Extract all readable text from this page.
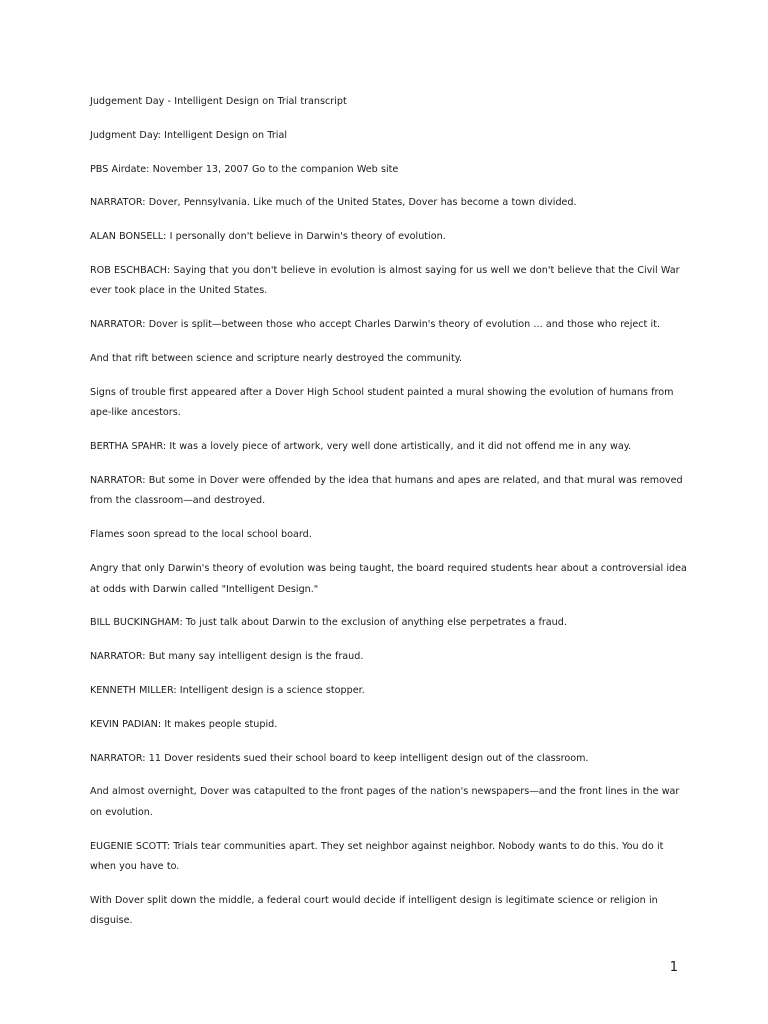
Judgement Day - Intelligent Design on Trial transcript

Judgment Day: Intelligent Design on Trial

PBS Airdate: November 13, 2007 Go to the companion Web site

NARRATOR: Dover, Pennsylvania. Like much of the United States, Dover has become a town divided.

ALAN BONSELL: I personally don't believe in Darwin's theory of evolution.

ROB ESCHBACH: Saying that you don't believe in evolution is almost saying for us well we don't believe that the Civil War ever took place in the United States.

NARRATOR: Dover is split—between those who accept Charles Darwin's theory of evolution ... and those who reject it.

And that rift between science and scripture nearly destroyed the community.

Signs of trouble first appeared after a Dover High School student painted a mural showing the evolution of humans from ape-like ancestors.

BERTHA SPAHR: It was a lovely piece of artwork, very well done artistically, and it did not offend me in any way.

NARRATOR: But some in Dover were offended by the idea that humans and apes are related, and that mural was removed from the classroom—and destroyed.

Flames soon spread to the local school board.

Angry that only Darwin's theory of evolution was being taught, the board required students hear about a controversial idea at odds with Darwin called "Intelligent Design."

BILL BUCKINGHAM: To just talk about Darwin to the exclusion of anything else perpetrates a fraud.

NARRATOR: But many say intelligent design is the fraud.

KENNETH MILLER: Intelligent design is a science stopper.

KEVIN PADIAN: It makes people stupid.

NARRATOR: 11 Dover residents sued their school board to keep intelligent design out of the classroom.

And almost overnight, Dover was catapulted to the front pages of the nation's newspapers—and the front lines in the war on evolution.

EUGENIE SCOTT: Trials tear communities apart. They set neighbor against neighbor. Nobody wants to do this. You do it when you have to.

With Dover split down the middle, a federal court would decide if intelligent design is legitimate science or religion in disguise.

1
